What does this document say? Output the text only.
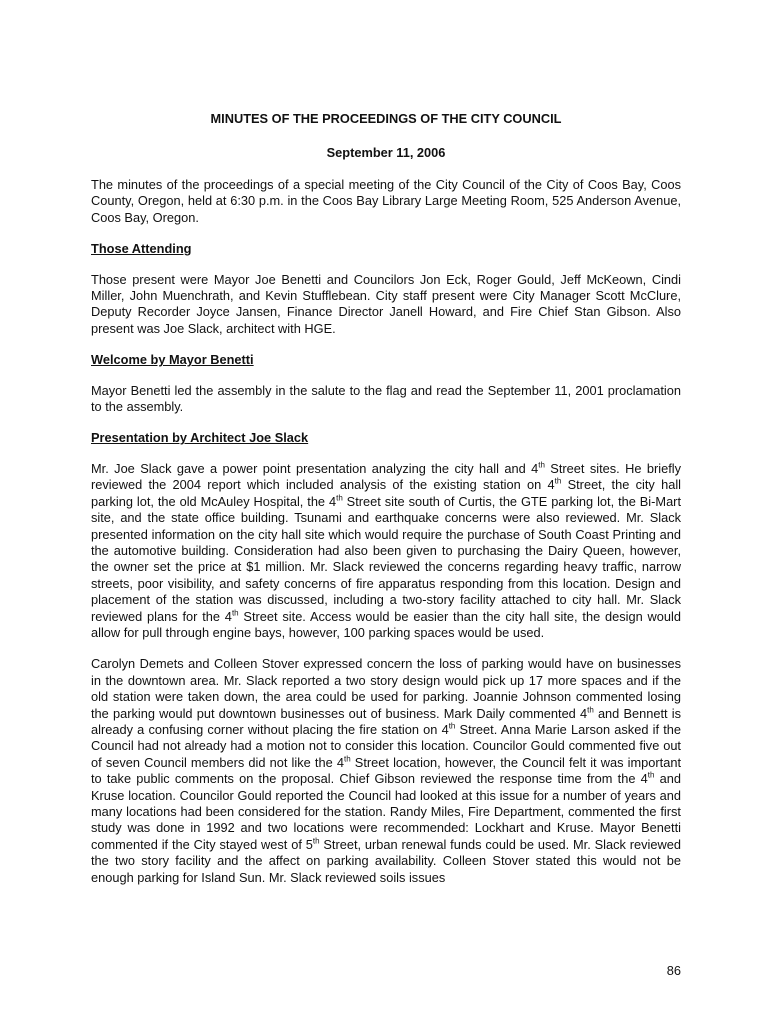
MINUTES OF THE PROCEEDINGS OF THE CITY COUNCIL
September 11, 2006

The minutes of the proceedings of a special meeting of the City Council of the City of Coos Bay, Coos County, Oregon, held at 6:30 p.m. in the Coos Bay Library Large Meeting Room, 525 Anderson Avenue, Coos Bay, Oregon.

Those Attending

Those present were Mayor Joe Benetti and Councilors Jon Eck, Roger Gould, Jeff McKeown, Cindi Miller, John Muenchrath, and Kevin Stufflebean. City staff present were City Manager Scott McClure, Deputy Recorder Joyce Jansen, Finance Director Janell Howard, and Fire Chief Stan Gibson. Also present was Joe Slack, architect with HGE.

Welcome by Mayor Benetti

Mayor Benetti led the assembly in the salute to the flag and read the September 11, 2001 proclamation to the assembly.

Presentation by Architect Joe Slack

Mr. Joe Slack gave a power point presentation analyzing the city hall and 4th Street sites. He briefly reviewed the 2004 report which included analysis of the existing station on 4th Street, the city hall parking lot, the old McAuley Hospital, the 4th Street site south of Curtis, the GTE parking lot, the Bi-Mart site, and the state office building. Tsunami and earthquake concerns were also reviewed. Mr. Slack presented information on the city hall site which would require the purchase of South Coast Printing and the automotive building. Consideration had also been given to purchasing the Dairy Queen, however, the owner set the price at $1 million. Mr. Slack reviewed the concerns regarding heavy traffic, narrow streets, poor visibility, and safety concerns of fire apparatus responding from this location. Design and placement of the station was discussed, including a two-story facility attached to city hall. Mr. Slack reviewed plans for the 4th Street site. Access would be easier than the city hall site, the design would allow for pull through engine bays, however, 100 parking spaces would be used.

Carolyn Demets and Colleen Stover expressed concern the loss of parking would have on businesses in the downtown area. Mr. Slack reported a two story design would pick up 17 more spaces and if the old station were taken down, the area could be used for parking. Joannie Johnson commented losing the parking would put downtown businesses out of business. Mark Daily commented 4th and Bennett is already a confusing corner without placing the fire station on 4th Street. Anna Marie Larson asked if the Council had not already had a motion not to consider this location. Councilor Gould commented five out of seven Council members did not like the 4th Street location, however, the Council felt it was important to take public comments on the proposal. Chief Gibson reviewed the response time from the 4th and Kruse location. Councilor Gould reported the Council had looked at this issue for a number of years and many locations had been considered for the station. Randy Miles, Fire Department, commented the first study was done in 1992 and two locations were recommended: Lockhart and Kruse. Mayor Benetti commented if the City stayed west of 5th Street, urban renewal funds could be used. Mr. Slack reviewed the two story facility and the affect on parking availability. Colleen Stover stated this would not be enough parking for Island Sun. Mr. Slack reviewed soils issues

86
